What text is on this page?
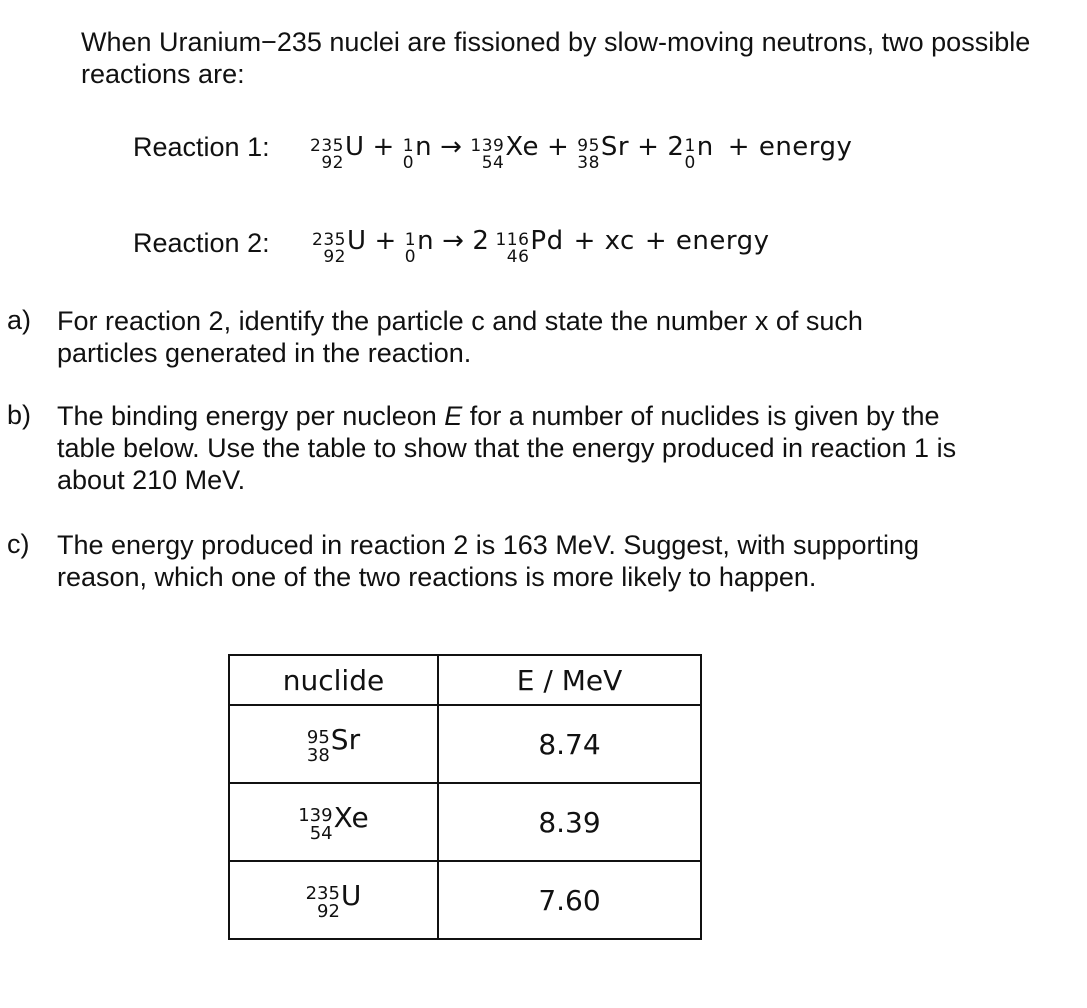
When Uranium−235 nuclei are fissioned by slow-moving neutrons, two possible reactions are:
Reaction 1: 235
92
U + 1
0
n → 139
54
Xe + 95
38
Sr + 2 1
0
n + energy
Reaction 2: 235
92
U + 1
0
n → 2 116
46
Pd + xc + energy
a) For reaction 2, identify the particle c and state the number x of such particles generated in the reaction.
b) The binding energy per nucleon E for a number of nuclides is given by the table below. Use the table to show that the energy produced in reaction 1 is about 210 MeV.
c) The energy produced in reaction 2 is 163 MeV. Suggest, with supporting reason, which one of the two reactions is more likely to happen.
nuclide	E / MeV

95
38 Sr	8.74

139
54 Xe	8.39

235
92 U	7.60
